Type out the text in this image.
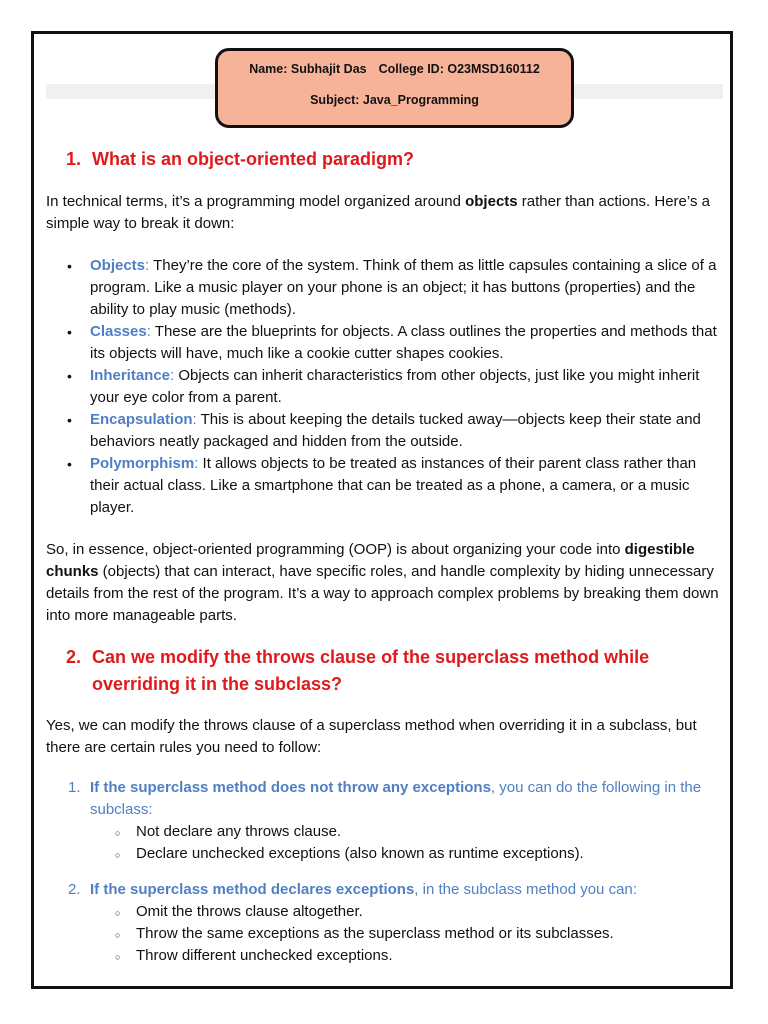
Name: Subhajit Das College ID: O23MSD160112
Subject: Java_Programming
1. What is an object-oriented paradigm?

In technical terms, it’s a programming model organized around objects rather than actions. Here’s a simple way to break it down:

• Objects: They’re the core of the system. Think of them as little capsules containing a slice of a program. Like a music player on your phone is an object; it has buttons (properties) and the ability to play music (methods).
• Classes: These are the blueprints for objects. A class outlines the properties and methods that its objects will have, much like a cookie cutter shapes cookies.
• Inheritance: Objects can inherit characteristics from other objects, just like you might inherit your eye color from a parent.
• Encapsulation: This is about keeping the details tucked away—objects keep their state and behaviors neatly packaged and hidden from the outside.
• Polymorphism: It allows objects to be treated as instances of their parent class rather than their actual class. Like a smartphone that can be treated as a phone, a camera, or a music player.

So, in essence, object-oriented programming (OOP) is about organizing your code into digestible chunks (objects) that can interact, have specific roles, and handle complexity by hiding unnecessary details from the rest of the program. It’s a way to approach complex problems by breaking them down into more manageable parts.

2. Can we modify the throws clause of the superclass method while overriding it in the subclass?

Yes, we can modify the throws clause of a superclass method when overriding it in a subclass, but there are certain rules you need to follow:

1. If the superclass method does not throw any exceptions, you can do the following in the subclass:
○ Not declare any throws clause.
○ Declare unchecked exceptions (also known as runtime exceptions).
2. If the superclass method declares exceptions, in the subclass method you can:
○ Omit the throws clause altogether.
○ Throw the same exceptions as the superclass method or its subclasses.
○ Throw different unchecked exceptions.
